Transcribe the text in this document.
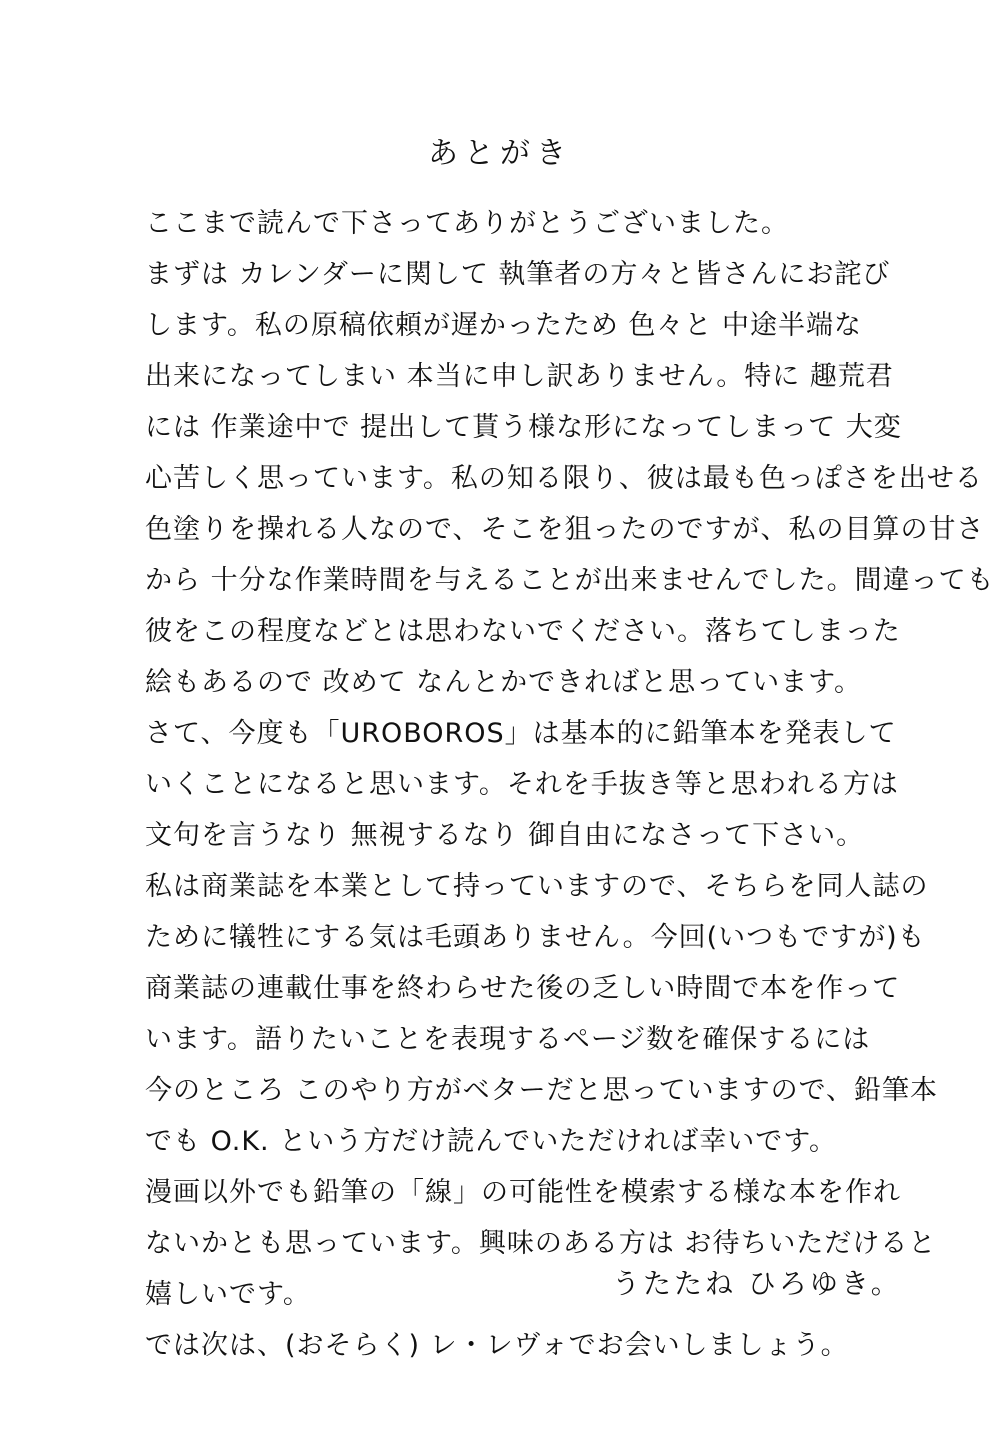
あとがき
ここまで読んで下さってありがとうございました。
まずは カレンダーに関して 執筆者の方々と皆さんにお詫び
します。私の原稿依頼が遅かったため 色々と 中途半端な
出来になってしまい 本当に申し訳ありません。特に 趣荒君
には 作業途中で 提出して貰う様な形になってしまって 大変
心苦しく思っています。私の知る限り、彼は最も色っぽさを出せる
色塗りを操れる人なので、そこを狙ったのですが、私の目算の甘さ
から 十分な作業時間を与えることが出来ませんでした。間違っても
彼をこの程度などとは思わないでください。落ちてしまった
絵もあるので 改めて なんとかできればと思っています。
さて、今度も「UROBOROS」は基本的に鉛筆本を発表して
いくことになると思います。それを手抜き等と思われる方は
文句を言うなり 無視するなり 御自由になさって下さい。
私は商業誌を本業として持っていますので、そちらを同人誌の
ために犠牲にする気は毛頭ありません。今回(いつもですが)も
商業誌の連載仕事を終わらせた後の乏しい時間で本を作って
います。語りたいことを表現するページ数を確保するには
今のところ このやり方がベターだと思っていますので、鉛筆本
でも O.K. という方だけ読んでいただければ幸いです。
漫画以外でも鉛筆の「線」の可能性を模索する様な本を作れ
ないかとも思っています。興味のある方は お待ちいただけると
嬉しいです。
では次は、(おそらく) レ・レヴォでお会いしましょう。
うたたね ひろゆき。
